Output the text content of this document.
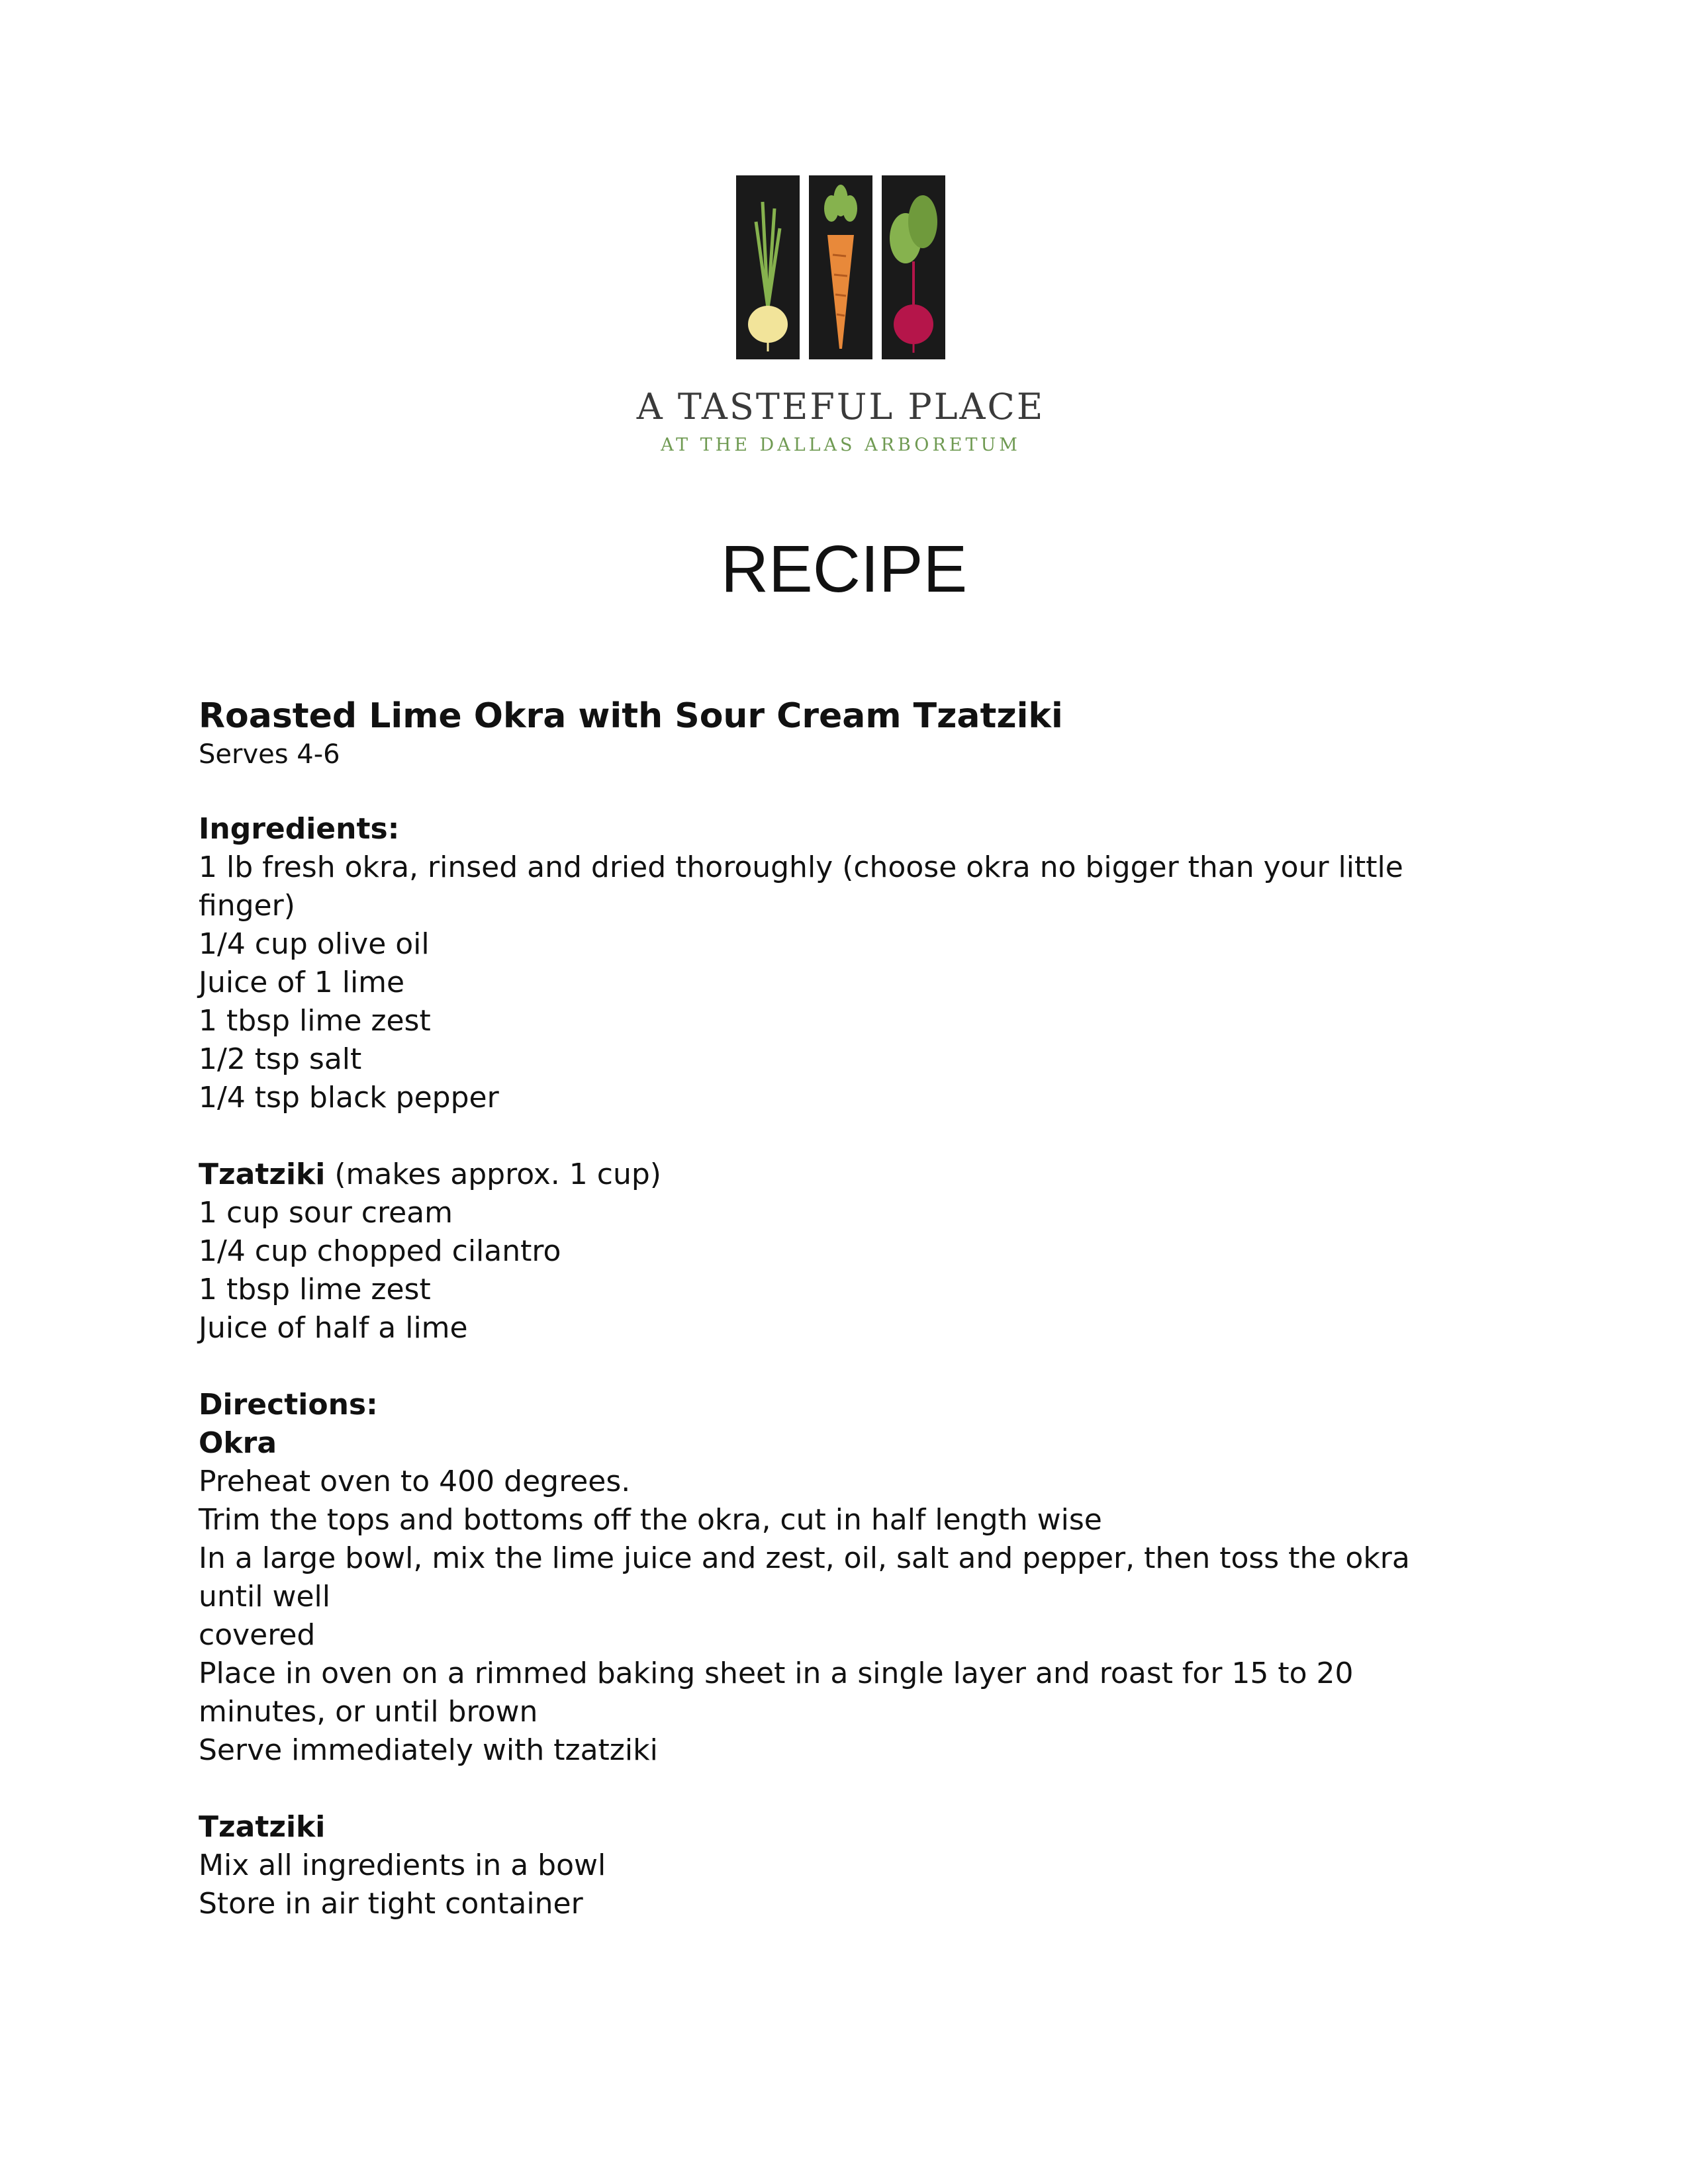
A TASTEFUL PLACE
AT THE DALLAS ARBORETUM
RECIPE
Roasted Lime Okra with Sour Cream Tzatziki
Serves 4-6
Ingredients:
1 lb fresh okra, rinsed and dried thoroughly (choose okra no bigger than your little
finger)
1/4 cup olive oil
Juice of 1 lime
1 tbsp lime zest
1/2 tsp salt
1/4 tsp black pepper
Tzatziki (makes approx. 1 cup)
1 cup sour cream
1/4 cup chopped cilantro
1 tbsp lime zest
Juice of half a lime
Directions:
Okra
Preheat oven to 400 degrees.
Trim the tops and bottoms off the okra, cut in half length wise
In a large bowl, mix the lime juice and zest, oil, salt and pepper, then toss the okra
until well
covered
Place in oven on a rimmed baking sheet in a single layer and roast for 15 to 20
minutes, or until brown
Serve immediately with tzatziki
Tzatziki
Mix all ingredients in a bowl
Store in air tight container
